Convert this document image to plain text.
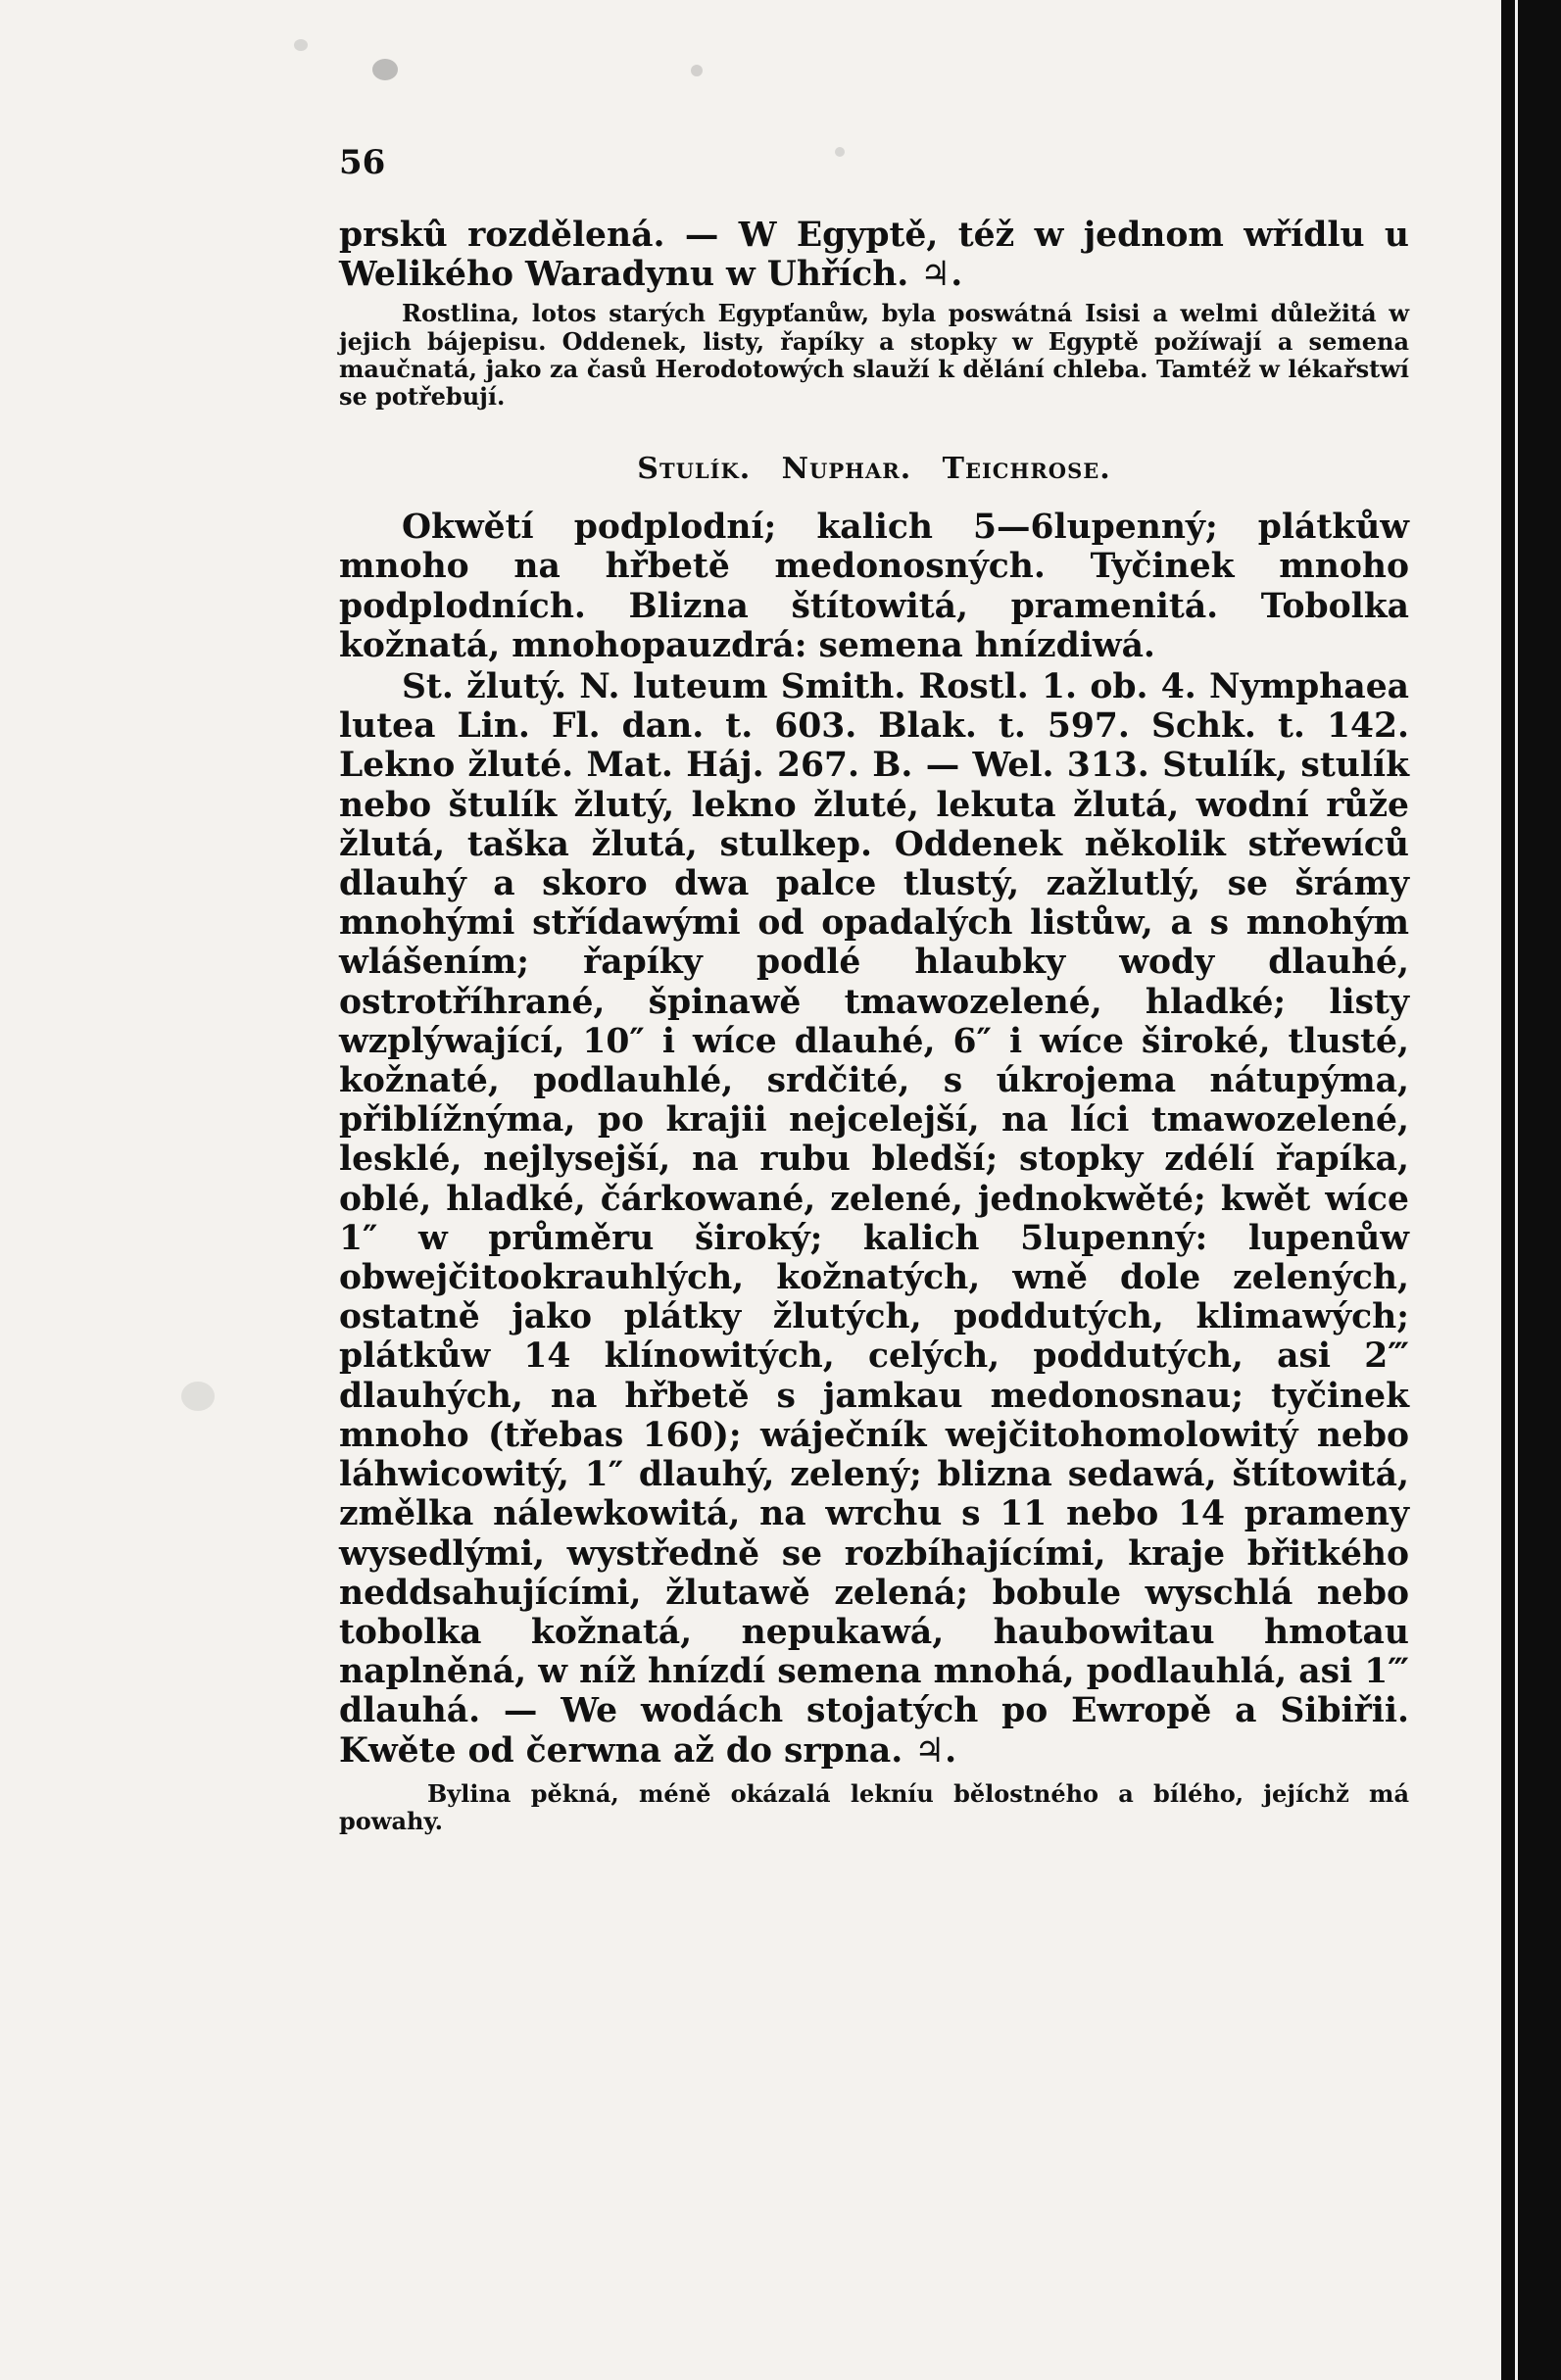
56

prskû rozdělená. — W Egyptě, též w jednom wřídlu u Welikého Waradynu w Uhřích. ♃.

Rostlina, lotos starých Egypťanůw, byla poswátná Isisi a welmi důležitá w jejich bájepisu. Oddenek, listy, řapíky a stopky w Egyptě požíwají a semena maučnatá, jako za časů Herodotowých slauží k dělání chleba. Tamtéž w lékařstwí se potřebují.

Stulík. Nuphar. Teichrose.

Okwětí podplodní; kalich 5—6lupenný; plátkůw mnoho na hřbetě medonosných. Tyčinek mnoho podplodních. Blizna štítowitá, pramenitá. Tobolka kožnatá, mnohopauzdrá: semena hnízdiwá.

St. žlutý. N. luteum Smith. Rostl. 1. ob. 4. Nymphaea lutea Lin. Fl. dan. t. 603. Blak. t. 597. Schk. t. 142. Lekno žluté. Mat. Háj. 267. B. — Wel. 313. Stulík, stulík nebo štulík žlutý, lekno žluté, lekuta žlutá, wodní růže žlutá, taška žlutá, stulkep. Oddenek několik střewíců dlauhý a skoro dwa palce tlustý, zažlutlý, se šrámy mnohými střídawými od opadalých listůw, a s mnohým wlášením; řapíky podlé hlaubky wody dlauhé, ostrotříhrané, špinawě tmawozelené, hladké; listy wzplýwající, 10″ i wíce dlauhé, 6″ i wíce široké, tlusté, kožnaté, podlauhlé, srdčité, s úkrojema nátupýma, přiblížnýma, po krajii nejcelejší, na líci tmawozelené, lesklé, nejlysejší, na rubu bledší; stopky zdélí řapíka, oblé, hladké, čárkowané, zelené, jednokwěté; kwět wíce 1″ w průměru široký; kalich 5lupenný: lupenůw obwejčitookrauhlých, kožnatých, wně dole zelených, ostatně jako plátky žlutých, poddutých, klimawých; plátkůw 14 klínowitých, celých, poddutých, asi 2‴ dlauhých, na hřbetě s jamkau medonosnau; tyčinek mnoho (třebas 160); wáječník wejčitohomolowitý nebo láhwicowitý, 1″ dlauhý, zelený; blizna sedawá, štítowitá, změlka nálewkowitá, na wrchu s 11 nebo 14 prameny wysedlými, wystředně se rozbíhajícími, kraje břitkého neddsahujícími, žlutawě zelená; bobule wyschlá nebo tobolka kožnatá, nepukawá, haubowitau hmotau naplněná, w níž hnízdí semena mnohá, podlauhlá, asi 1‴ dlauhá. — We wodách stojatých po Ewropě a Sibiřii. Kwěte od čerwna až do srpna. ♃.

Bylina pěkná, méně okázalá lekníu bělostného a bílého, jejíchž má powahy.
